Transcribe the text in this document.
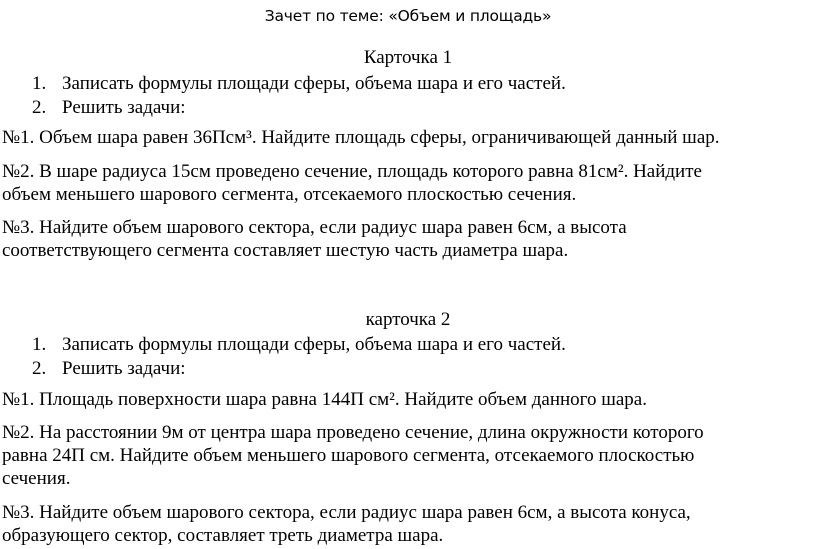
Зачет по теме: «Объем и площадь»
Карточка 1
1. Записать формулы площади сферы, объема шара и его частей.
2. Решить задачи:
№1. Объем шара равен 36Псм³. Найдите площадь сферы, ограничивающей данный шар.
№2. В шаре радиуса 15см проведено сечение, площадь которого равна 81см². Найдите
объем меньшего шарового сегмента, отсекаемого плоскостью сечения.
№3. Найдите объем шарового сектора, если радиус шара равен 6см, а высота
соответствующего сегмента составляет шестую часть диаметра шара.
карточка 2
1. Записать формулы площади сферы, объема шара и его частей.
2. Решить задачи:
№1. Площадь поверхности шара равна 144П см². Найдите объем данного шара.
№2. На расстоянии 9м от центра шара проведено сечение, длина окружности которого
равна 24П см. Найдите объем меньшего шарового сегмента, отсекаемого плоскостью
сечения.
№3. Найдите объем шарового сектора, если радиус шара равен 6см, а высота конуса,
образующего сектор, составляет треть диаметра шара.
